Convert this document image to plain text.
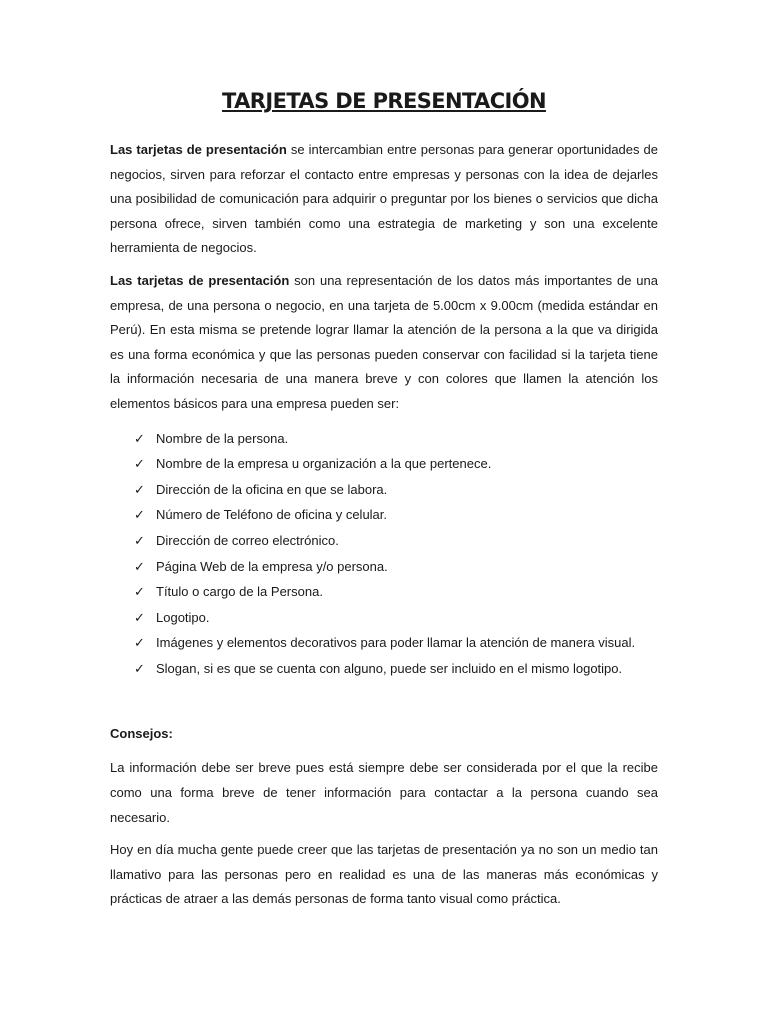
TARJETAS DE PRESENTACIÓN

Las tarjetas de presentación se intercambian entre personas para generar oportunidades de negocios, sirven para reforzar el contacto entre empresas y personas con la idea de dejarles una posibilidad de comunicación para adquirir o preguntar por los bienes o servicios que dicha persona ofrece, sirven también como una estrategia de marketing y son una excelente herramienta de negocios.

Las tarjetas de presentación son una representación de los datos más importantes de una empresa, de una persona o negocio, en una tarjeta de 5.00cm x 9.00cm (medida estándar en Perú). En esta misma se pretende lograr llamar la atención de la persona a la que va dirigida es una forma económica y que las personas pueden conservar con facilidad si la tarjeta tiene la información necesaria de una manera breve y con colores que llamen la atención los elementos básicos para una empresa pueden ser:

✓ Nombre de la persona.
✓ Nombre de la empresa u organización a la que pertenece.
✓ Dirección de la oficina en que se labora.
✓ Número de Teléfono de oficina y celular.
✓ Dirección de correo electrónico.
✓ Página Web de la empresa y/o persona.
✓ Título o cargo de la Persona.
✓ Logotipo.
✓ Imágenes y elementos decorativos para poder llamar la atención de manera visual.
✓ Slogan, si es que se cuenta con alguno, puede ser incluido en el mismo logotipo.
Consejos:

La información debe ser breve pues está siempre debe ser considerada por el que la recibe como una forma breve de tener información para contactar a la persona cuando sea necesario.

Hoy en día mucha gente puede creer que las tarjetas de presentación ya no son un medio tan llamativo para las personas pero en realidad es una de las maneras más económicas y prácticas de atraer a las demás personas de forma tanto visual como práctica.
